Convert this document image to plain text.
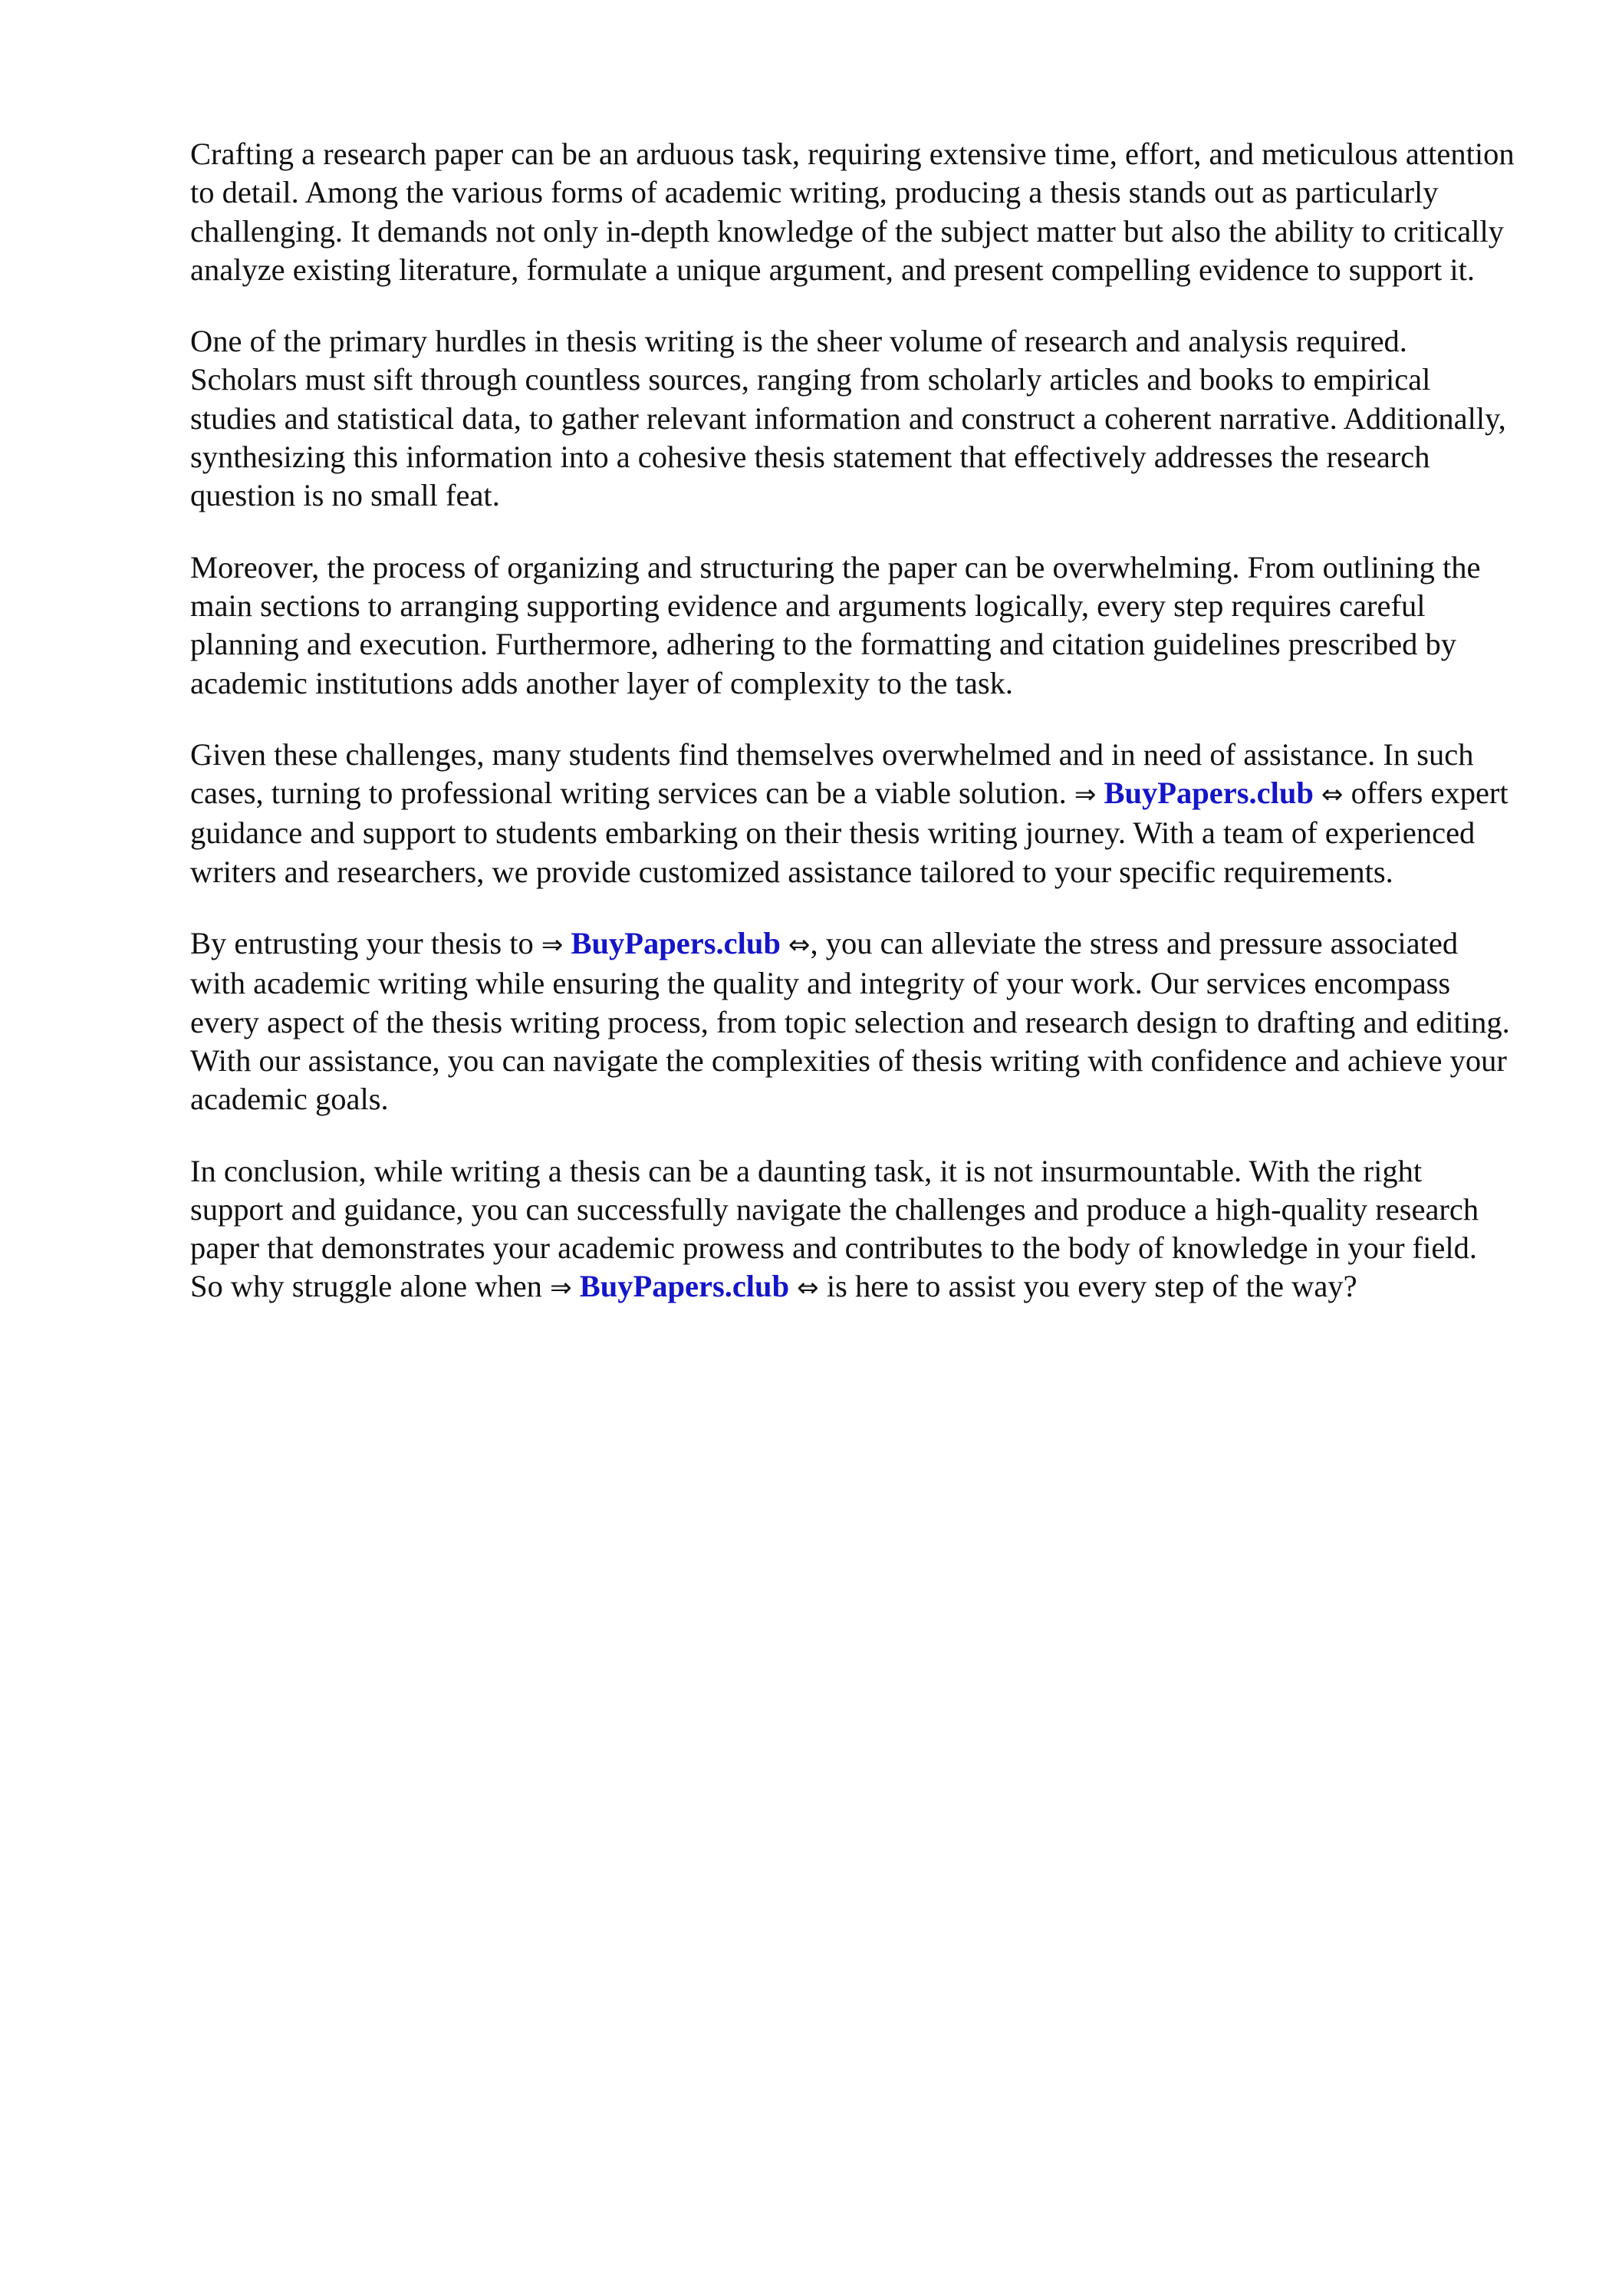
Crafting a research paper can be an arduous task, requiring extensive time, effort, and meticulous attention to detail. Among the various forms of academic writing, producing a thesis stands out as particularly challenging. It demands not only in-depth knowledge of the subject matter but also the ability to critically analyze existing literature, formulate a unique argument, and present compelling evidence to support it.

One of the primary hurdles in thesis writing is the sheer volume of research and analysis required. Scholars must sift through countless sources, ranging from scholarly articles and books to empirical studies and statistical data, to gather relevant information and construct a coherent narrative. Additionally, synthesizing this information into a cohesive thesis statement that effectively addresses the research question is no small feat.

Moreover, the process of organizing and structuring the paper can be overwhelming. From outlining the main sections to arranging supporting evidence and arguments logically, every step requires careful planning and execution. Furthermore, adhering to the formatting and citation guidelines prescribed by academic institutions adds another layer of complexity to the task.

Given these challenges, many students find themselves overwhelmed and in need of assistance. In such cases, turning to professional writing services can be a viable solution. ⇒ BuyPapers.club ⇔ offers expert guidance and support to students embarking on their thesis writing journey. With a team of experienced writers and researchers, we provide customized assistance tailored to your specific requirements.

By entrusting your thesis to ⇒ BuyPapers.club ⇔, you can alleviate the stress and pressure associated with academic writing while ensuring the quality and integrity of your work. Our services encompass every aspect of the thesis writing process, from topic selection and research design to drafting and editing. With our assistance, you can navigate the complexities of thesis writing with confidence and achieve your academic goals.

In conclusion, while writing a thesis can be a daunting task, it is not insurmountable. With the right support and guidance, you can successfully navigate the challenges and produce a high-quality research paper that demonstrates your academic prowess and contributes to the body of knowledge in your field. So why struggle alone when ⇒ BuyPapers.club ⇔ is here to assist you every step of the way?
